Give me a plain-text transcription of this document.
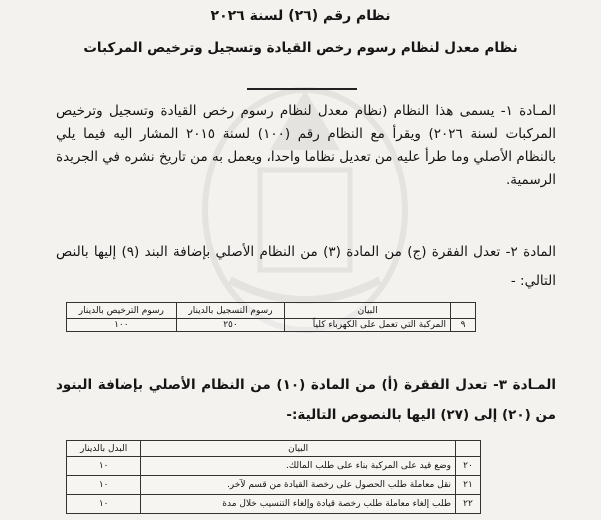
نظام رقم (٢٦) لسنة ٢٠٢٦
نظام معدل لنظام رسوم رخص القيادة وتسجيل وترخيص المركبات
المـادة ١- يسمى هذا النظام (نظام معدل لنظام رسوم رخص القيادة وتسجيل وترخيص المركبات لسنة ٢٠٢٦) ويقرأ مع النظام رقم (١٠٠) لسنة ٢٠١٥ المشار اليه فيما يلي بالنظام الأصلي وما طرأ عليه من تعديل نظاما واحدا، ويعمل به من تاريخ نشره في الجريدة الرسمية.
المادة ٢- تعدل الفقرة (ج) من المادة (٣) من النظام الأصلي بإضافة البند (٩) إليها بالنص التالي: -
	البيان	رسوم التسجيل بالدينار	رسوم الترخيص بالدينار
٩	المركبة التي تعمل على الكهرباء كلياً	٢٥٠	١٠٠
المـادة ٣- تعدل الفقرة (أ) من المادة (١٠) من النظام الأصلي بإضافة البنود من (٢٠) إلى (٢٧) اليها بالنصوص التالية:-
	البيان	البدل بالدينار
٢٠	وضع قيد على المركبة بناء على طلب المالك.	١٠
٢١	نقل معاملة طلب الحصول على رخصة القيادة من قسم لآخر.	١٠
٢٢	طلب إلغاء معاملة طلب رخصة قيادة وإلغاء التنسيب خلال مدة	١٠
